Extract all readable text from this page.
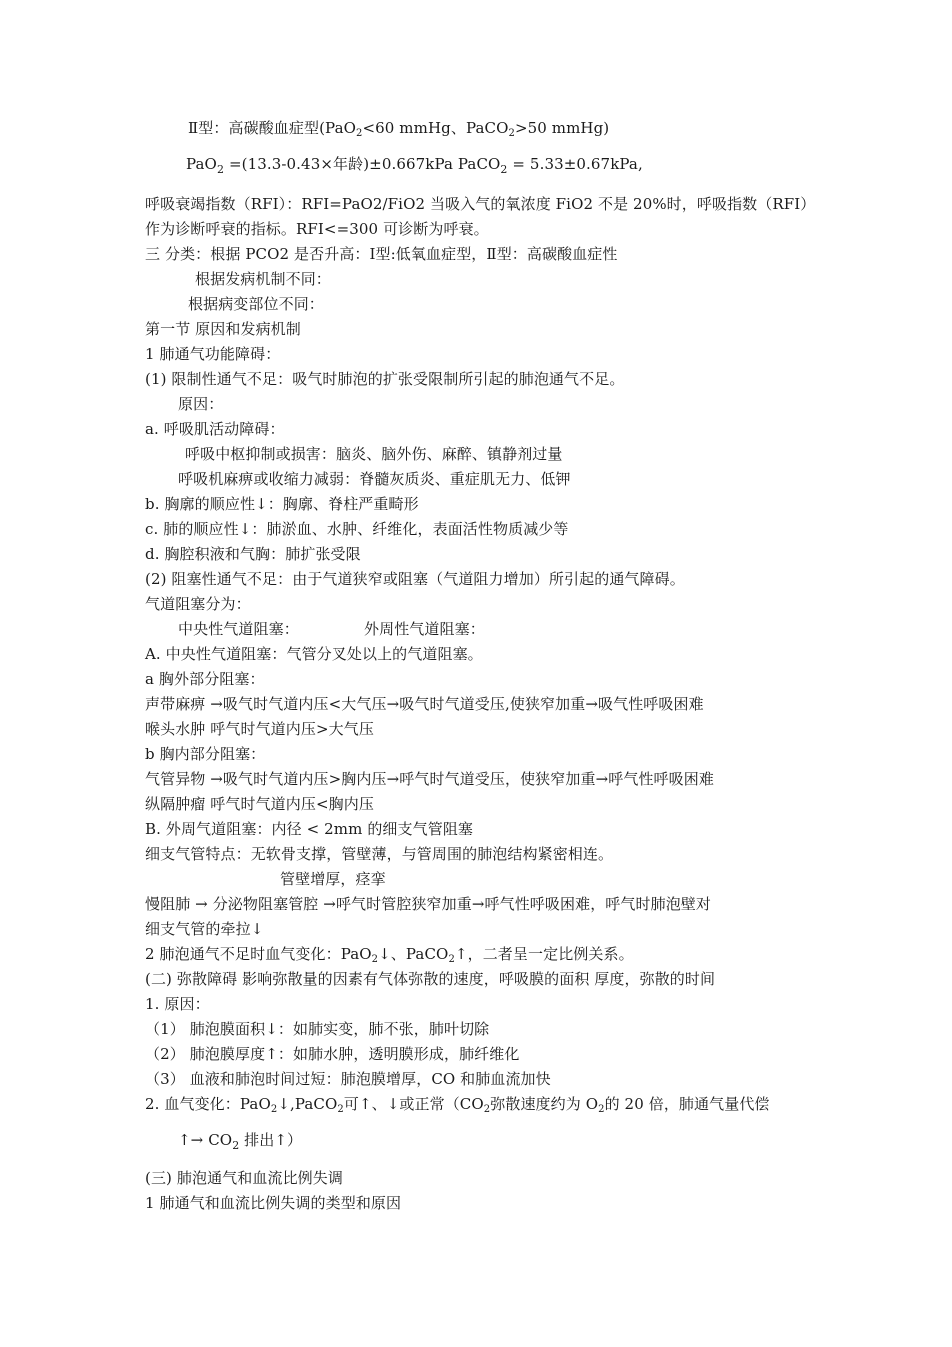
Ⅱ型：高碳酸血症型(PaO$_2$<60 mmHg、PaCO$_2$>50 mmHg)
PaO$_2$ =(13.3-0.43×年龄)±0.667kPa PaCO$_2$ = 5.33±0.67kPa,
呼吸衰竭指数（RFI）：RFI=PaO2/FiO2 当吸入气的氧浓度 FiO2 不是 20%时，呼吸指数（RFI）
作为诊断呼衰的指标。RFI<=300 可诊断为呼衰。
三 分类：根据 PCO2 是否升高：Ⅰ型:低氧血症型，Ⅱ型：高碳酸血症性
根据发病机制不同：
根据病变部位不同：
第一节 原因和发病机制
1 肺通气功能障碍：
(1) 限制性通气不足：吸气时肺泡的扩张受限制所引起的肺泡通气不足。
原因：
a. 呼吸肌活动障碍：
呼吸中枢抑制或损害：脑炎、脑外伤、麻醉、镇静剂过量
呼吸机麻痹或收缩力减弱：脊髓灰质炎、重症肌无力、低钾
b. 胸廓的顺应性↓：胸廓、脊柱严重畸形
c. 肺的顺应性↓：肺淤血、水肿、纤维化，表面活性物质减少等
d. 胸腔积液和气胸：肺扩张受限
(2) 阻塞性通气不足：由于气道狭窄或阻塞（气道阻力增加）所引起的通气障碍。
气道阻塞分为：
中央性气道阻塞：	外周性气道阻塞：
A. 中央性气道阻塞：气管分叉处以上的气道阻塞。
a 胸外部分阻塞：
声带麻痹 →吸气时气道内压<大气压→吸气时气道受压,使狭窄加重→吸气性呼吸困难
喉头水肿 呼气时气道内压>大气压
b 胸内部分阻塞：
气管异物 →吸气时气道内压>胸内压→呼气时气道受压，使狭窄加重→呼气性呼吸困难
纵隔肿瘤 呼气时气道内压<胸内压
B. 外周气道阻塞：内径 < 2mm 的细支气管阻塞
细支气管特点：无软骨支撑，管壁薄，与管周围的肺泡结构紧密相连。
管壁增厚，痉挛
慢阻肺 → 分泌物阻塞管腔 →呼气时管腔狭窄加重→呼气性呼吸困难，呼气时肺泡壁对
细支气管的牵拉↓
2 肺泡通气不足时血气变化：PaO$_2$↓、PaCO$_2$↑，二者呈一定比例关系。
(二) 弥散障碍 影响弥散量的因素有气体弥散的速度，呼吸膜的面积 厚度，弥散的时间
1. 原因：
（1） 肺泡膜面积↓：如肺实变，肺不张，肺叶切除
（2） 肺泡膜厚度↑：如肺水肿，透明膜形成，肺纤维化
（3） 血液和肺泡时间过短：肺泡膜增厚，CO 和肺血流加快
2. 血气变化：PaO$_2$↓,PaCO$_2$可↑、↓或正常（$CO_2$弥散速度约为 $O_2$的 20 倍，肺通气量代偿
↑→ $CO_2$ 排出↑）
(三) 肺泡通气和血流比例失调
1 肺通气和血流比例失调的类型和原因
